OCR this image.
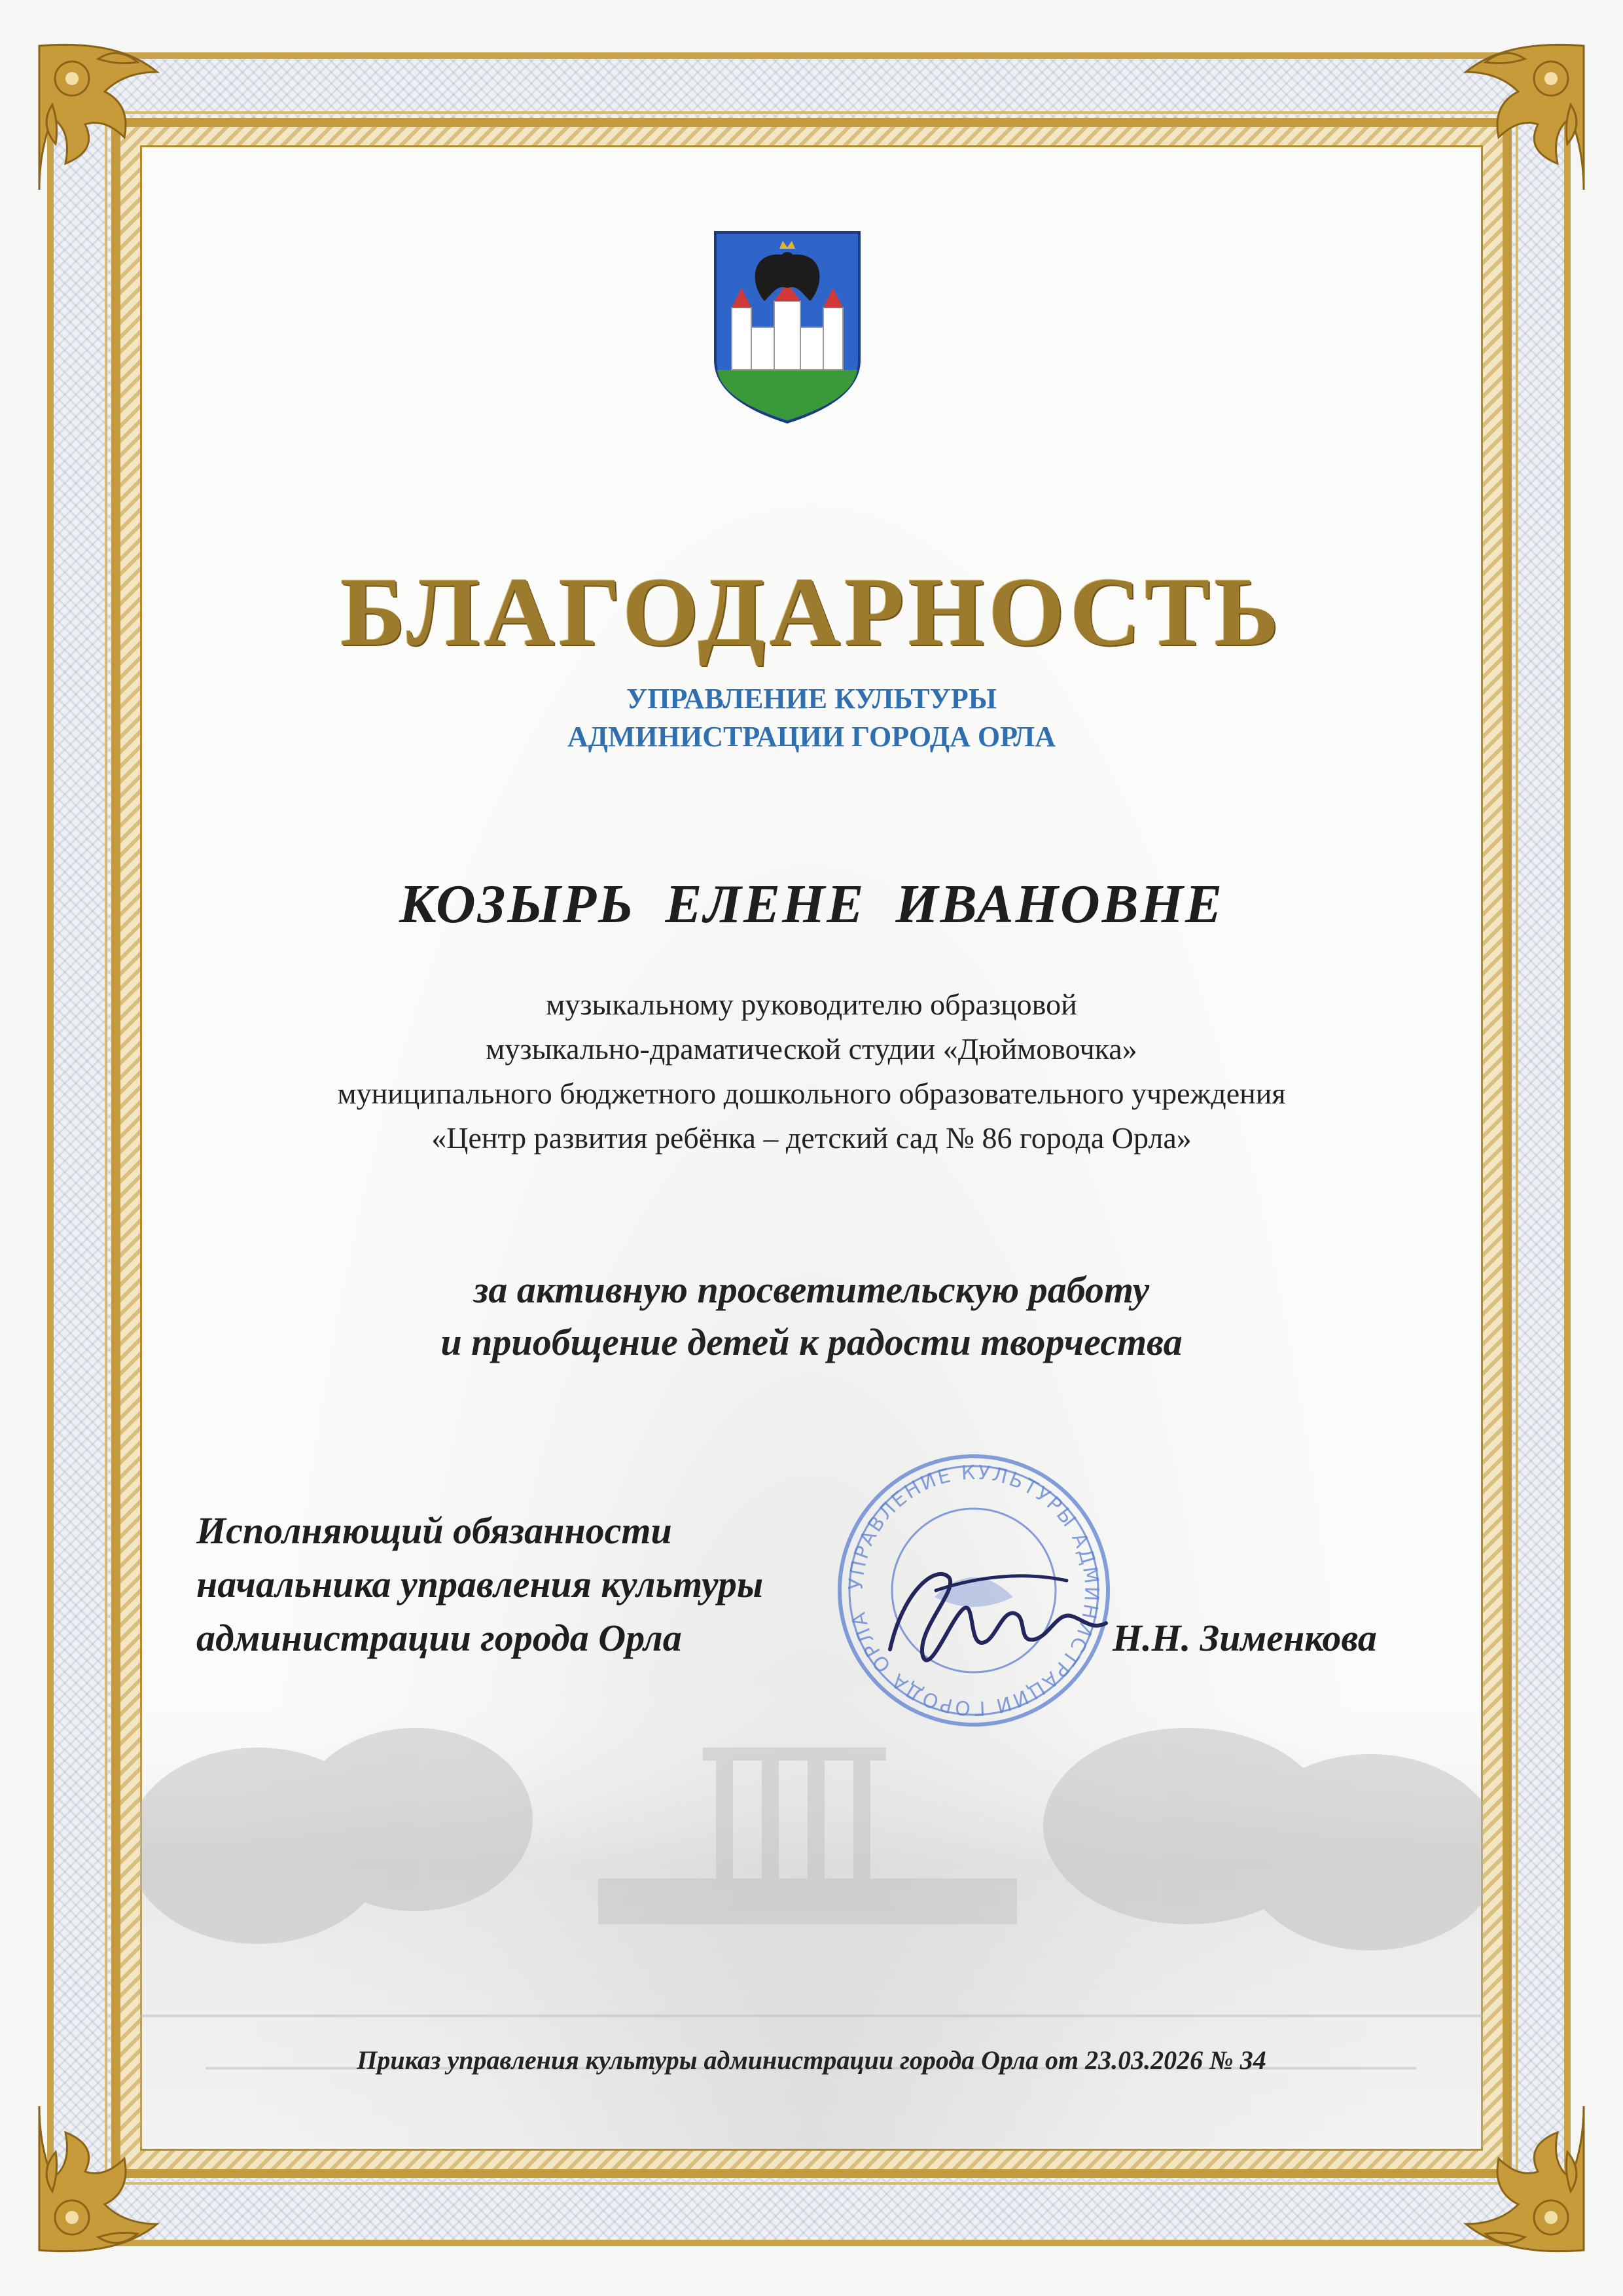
БЛАГОДАРНОСТЬ
УПРАВЛЕНИЕ КУЛЬТУРЫ
АДМИНИСТРАЦИИ ГОРОДА ОРЛА
КОЗЫРЬ ЕЛЕНЕ ИВАНОВНЕ
музыкальному руководителю образцовой
музыкально-драматической студии «Дюймовочка»
муниципального бюджетного дошкольного образовательного учреждения
«Центр развития ребёнка – детский сад № 86 города Орла»
за активную просветительскую работу
и приобщение детей к радости творчества
УПРАВЛЕНИЕ КУЛЬТУРЫ АДМИНИСТРАЦИИ ГОРОДА ОРЛА
Исполняющий обязанности
начальника управления культуры
администрации города Орла	Н.Н. Зименкова
Приказ управления культуры администрации города Орла от 23.03.2026 № 34
